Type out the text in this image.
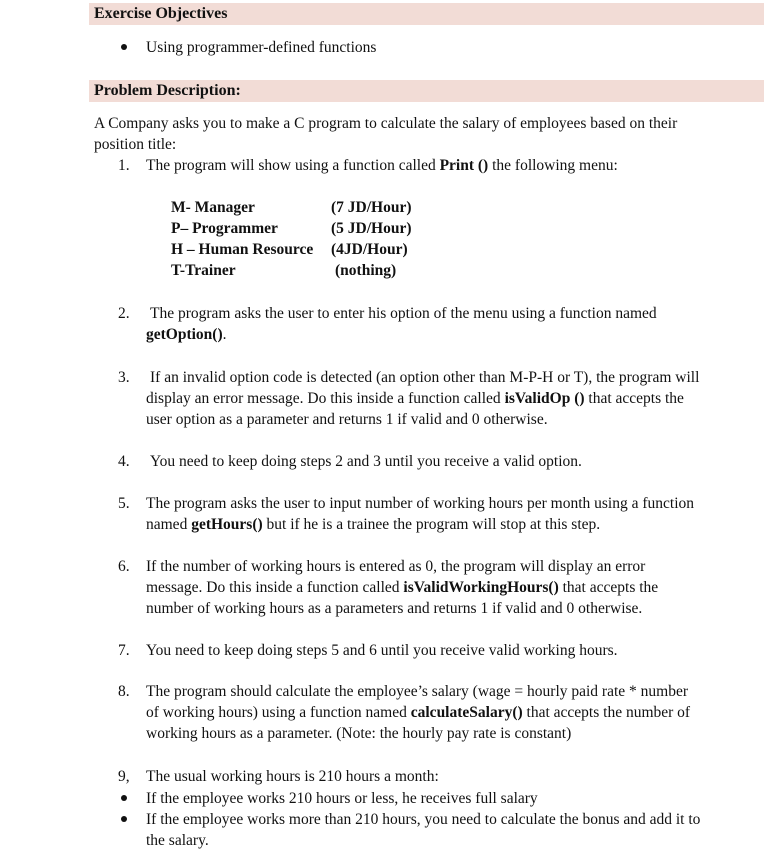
Exercise Objectives
Using programmer-defined functions
Problem Description:
A Company asks you to make a C program to calculate the salary of employees based on their
position title:
1. The program will show using a function called Print () the following menu:
M- Manager	(7 JD/Hour)
P– Programmer	(5 JD/Hour)
H – Human Resource (4JD/Hour)
T-Trainer	(nothing)
2. The program asks the user to enter his option of the menu using a function named
getOption().
3. If an invalid option code is detected (an option other than M-P-H or T), the program will
display an error message. Do this inside a function called isValidOp () that accepts the
user option as a parameter and returns 1 if valid and 0 otherwise.
4. You need to keep doing steps 2 and 3 until you receive a valid option.
5. The program asks the user to input number of working hours per month using a function
named getHours() but if he is a trainee the program will stop at this step.
6. If the number of working hours is entered as 0, the program will display an error
message. Do this inside a function called isValidWorkingHours() that accepts the
number of working hours as a parameters and returns 1 if valid and 0 otherwise.
7. You need to keep doing steps 5 and 6 until you receive valid working hours.
8. The program should calculate the employee’s salary (wage = hourly paid rate * number
of working hours) using a function named calculateSalary() that accepts the number of
working hours as a parameter. (Note: the hourly pay rate is constant)
9, The usual working hours is 210 hours a month:
If the employee works 210 hours or less, he receives full salary
If the employee works more than 210 hours, you need to calculate the bonus and add it to
the salary.
